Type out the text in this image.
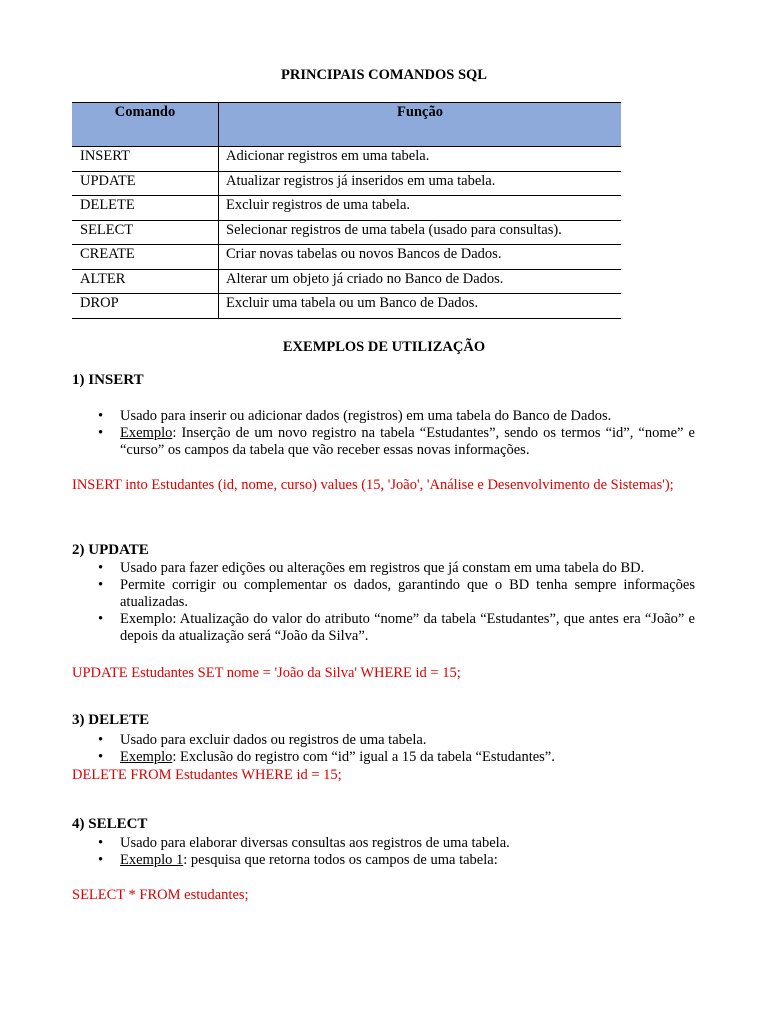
PRINCIPAIS COMANDOS SQL
Comando	Função
INSERT	Adicionar registros em uma tabela.
UPDATE	Atualizar registros já inseridos em uma tabela.
DELETE	Excluir registros de uma tabela.
SELECT	Selecionar registros de uma tabela (usado para consultas).
CREATE	Criar novas tabelas ou novos Bancos de Dados.
ALTER	Alterar um objeto já criado no Banco de Dados.
DROP	Excluir uma tabela ou um Banco de Dados.
EXEMPLOS DE UTILIZAÇÃO
1) INSERT
• Usado para inserir ou adicionar dados (registros) em uma tabela do Banco de Dados.
• Exemplo: Inserção de um novo registro na tabela “Estudantes”, sendo os termos “id”, “nome” e “curso” os campos da tabela que vão receber essas novas informações.
INSERT into Estudantes (id, nome, curso) values (15, 'João', 'Análise e Desenvolvimento de Sistemas');
2) UPDATE
• Usado para fazer edições ou alterações em registros que já constam em uma tabela do BD.
• Permite corrigir ou complementar os dados, garantindo que o BD tenha sempre informações atualizadas.
• Exemplo: Atualização do valor do atributo “nome” da tabela “Estudantes”, que antes era “João” e depois da atualização será “João da Silva”.
UPDATE Estudantes SET nome = 'João da Silva' WHERE id = 15;
3) DELETE
• Usado para excluir dados ou registros de uma tabela.
• Exemplo: Exclusão do registro com “id” igual a 15 da tabela “Estudantes”.
DELETE FROM Estudantes WHERE id = 15;
4) SELECT
• Usado para elaborar diversas consultas aos registros de uma tabela.
• Exemplo 1: pesquisa que retorna todos os campos de uma tabela:
SELECT * FROM estudantes;
